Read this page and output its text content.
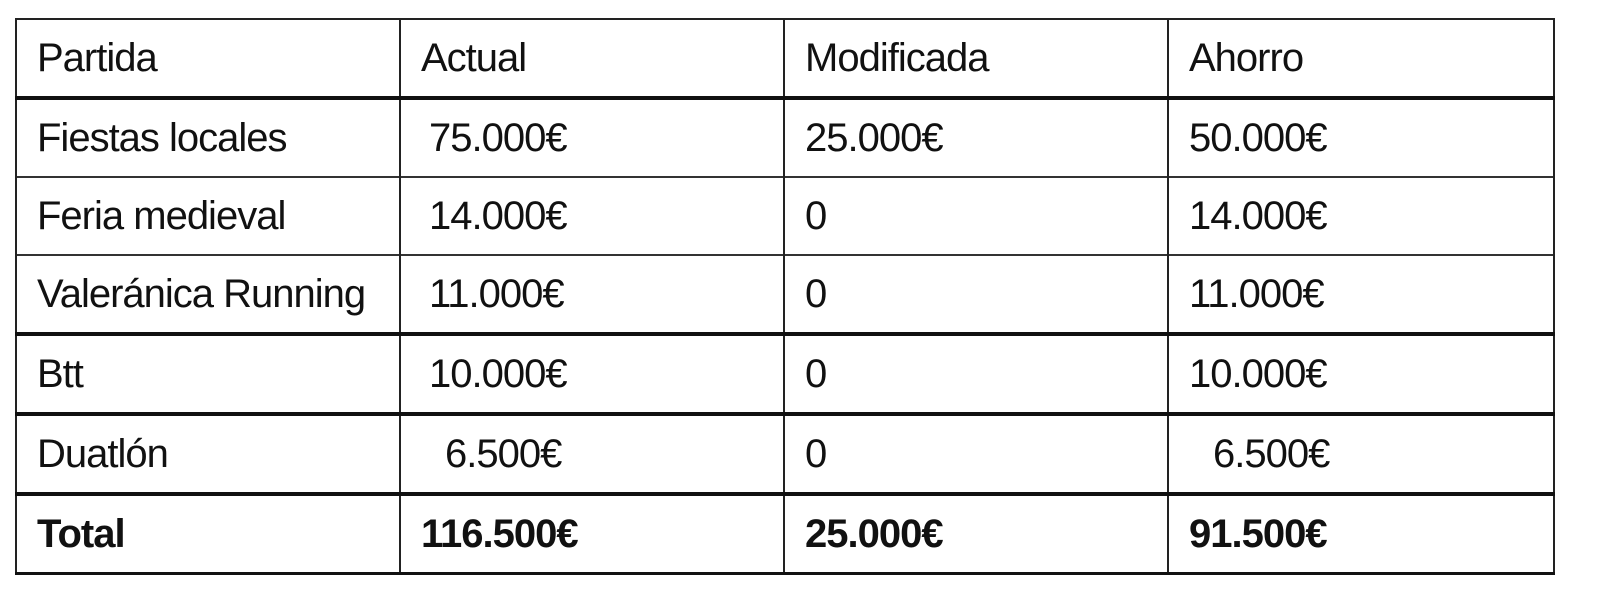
Partida	Actual	Modificada	Ahorro
Fiestas locales	75.000€	25.000€	50.000€
Feria medieval	14.000€	0	14.000€
Valeránica Running	11.000€	0	11.000€
Btt	10.000€	0	10.000€
Duatlón	6.500€	0	6.500€
Total	116.500€	25.000€	91.500€
